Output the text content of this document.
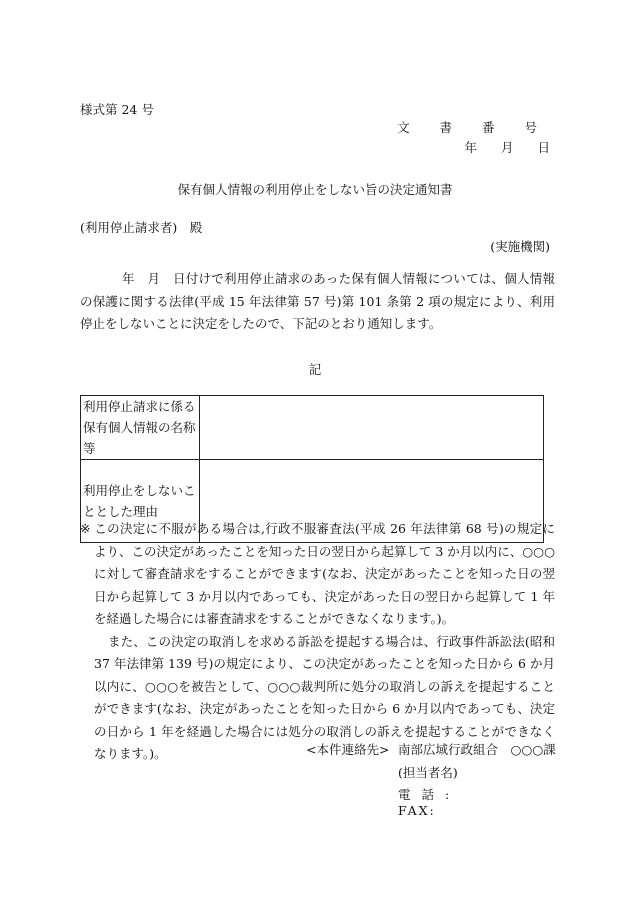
様式第 24 号
文 書 番 号
年 月 日
保有個人情報の利用停止をしない旨の決定通知書
(利用停止請求者)　殿
(実施機関)
年　月　日付けで利用停止請求のあった保有個人情報については、個人情報の保護に関する法律(平成 15 年法律第 57 号)第 101 条第 2 項の規定により、利用停止をしないことに決定をしたので、下記のとおり通知します。
記
利用停止請求に係る保有個人情報の名称等	
利用停止をしないこととした理由	
※ この決定に不服がある場合は,行政不服審査法(平成 26 年法律第 68 号)の規定により、この決定があったことを知った日の翌日から起算して 3 か月以内に、○○○に対して審査請求をすることができます(なお、決定があったことを知った日の翌日から起算して 3 か月以内であっても、決定があった日の翌日から起算して 1 年を経過した場合には審査請求をすることができなくなります。)。
また、この決定の取消しを求める訴訟を提起する場合は、行政事件訴訟法(昭和 37 年法律第 139 号)の規定により、この決定があったことを知った日から 6 か月以内に、○○○を被告として、○○○裁判所に処分の取消しの訴えを提起することができます(なお、決定があったことを知った日から 6 か月以内であっても、決定の日から 1 年を経過した場合には処分の取消しの訴えを提起することができなくなります。)。	<本件連絡先> 南部広域行政組合　○○○課
(担当者名)
電話:
FAX:
